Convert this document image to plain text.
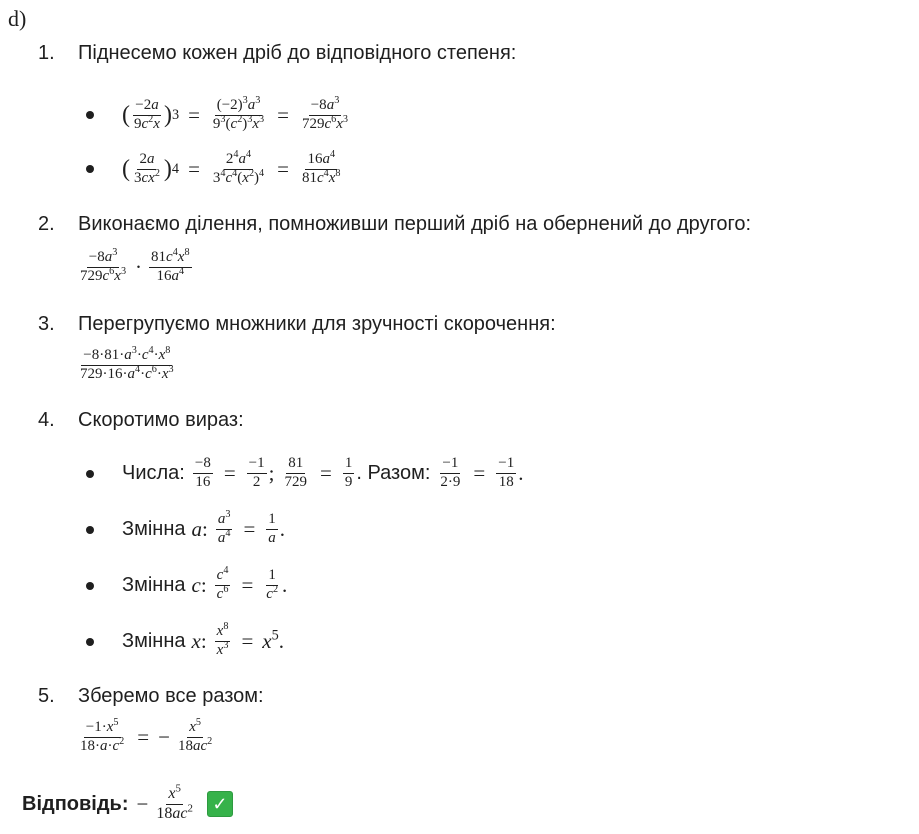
d)
1. Піднесемо кожен дріб до відповідного степеня:
( $\frac{-2a}{9c^2x}$ ) $3 = \frac{(-2)^3a^3}{9^3(c^2)^3x^3} = \frac{-8a^3}{729c^6x^3}$
( $\frac{2a}{3cx^2}$ ) $4 = \frac{2^4a^4}{3^4c^4(x^2)^4} = \frac{16a^4}{81c^4x^8}$
2. Виконаємо ділення, помноживши перший дріб на обернений до другого:
$\frac{-8a^3}{729c^6x^3} \cdot \frac{81c^4x^8}{16a^4}$
3. Перегрупуємо множники для зручності скорочення:
$\frac{-8\cdot 81\cdot a^3\cdot c^4\cdot x^8}{729\cdot 16\cdot a^4\cdot c^6\cdot x^3}$
4. Скоротимо вираз:
Числа: $\frac{-8}{16} = \frac{-1}{2}$ ; $\frac{81}{729} = \frac{1}{9}$ . Разом: $\frac{-1}{2\cdot 9} = \frac{-1}{18}$ .
Змінна a: $\frac{a^3}{a^4} = \frac{1}{a}$ .
Змінна c: $\frac{c^4}{c^6} = \frac{1}{c^2}$ .
Змінна x: $\frac{x^8}{x^3} = x^5$.
5. Зберемо все разом:
$\frac{-1\cdot x^5}{18\cdot a\cdot c^2}$ = − $\frac{x^5}{18ac^2}$
Відповідь: − $\frac{x^5}{18ac^2}$ ✓
